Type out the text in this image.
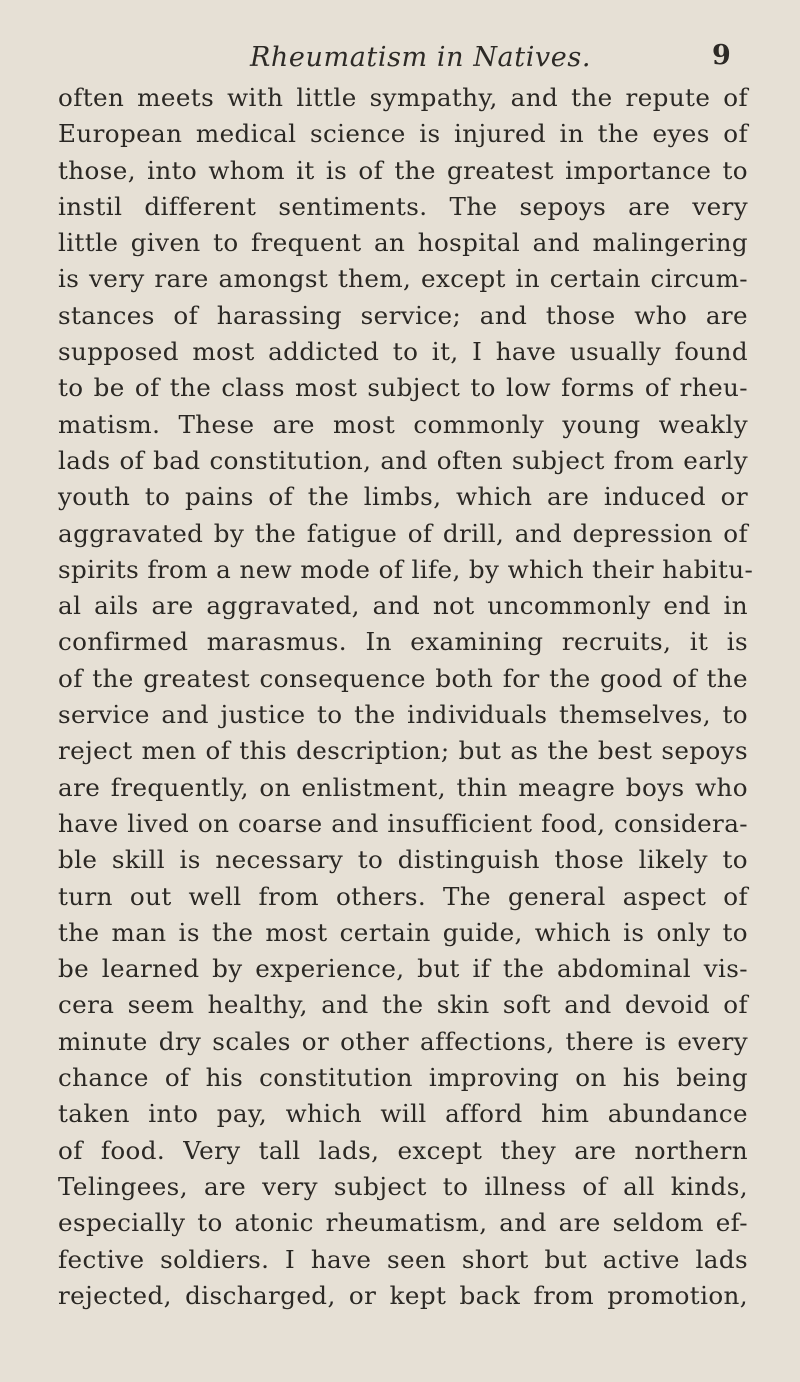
Rheumatism in Natives.	9
often meets with little sympathy, and the repute of
European medical science is injured in the eyes of
those, into whom it is of the greatest importance to
instil different sentiments. The sepoys are very
little given to frequent an hospital and malingering
is very rare amongst them, except in certain circum-
stances of harassing service; and those who are
supposed most addicted to it, I have usually found
to be of the class most subject to low forms of rheu-
matism. These are most commonly young weakly
lads of bad constitution, and often subject from early
youth to pains of the limbs, which are induced or
aggravated by the fatigue of drill, and depression of
spirits from a new mode of life, by which their habitu-
al ails are aggravated, and not uncommonly end in
confirmed marasmus. In examining recruits, it is
of the greatest consequence both for the good of the
service and justice to the individuals themselves, to
reject men of this description; but as the best sepoys
are frequently, on enlistment, thin meagre boys who
have lived on coarse and insufficient food, considera-
ble skill is necessary to distinguish those likely to
turn out well from others. The general aspect of
the man is the most certain guide, which is only to
be learned by experience, but if the abdominal vis-
cera seem healthy, and the skin soft and devoid of
minute dry scales or other affections, there is every
chance of his constitution improving on his being
taken into pay, which will afford him abundance
of food. Very tall lads, except they are northern
Telingees, are very subject to illness of all kinds,
especially to atonic rheumatism, and are seldom ef-
fective soldiers. I have seen short but active lads
rejected, discharged, or kept back from promotion,
